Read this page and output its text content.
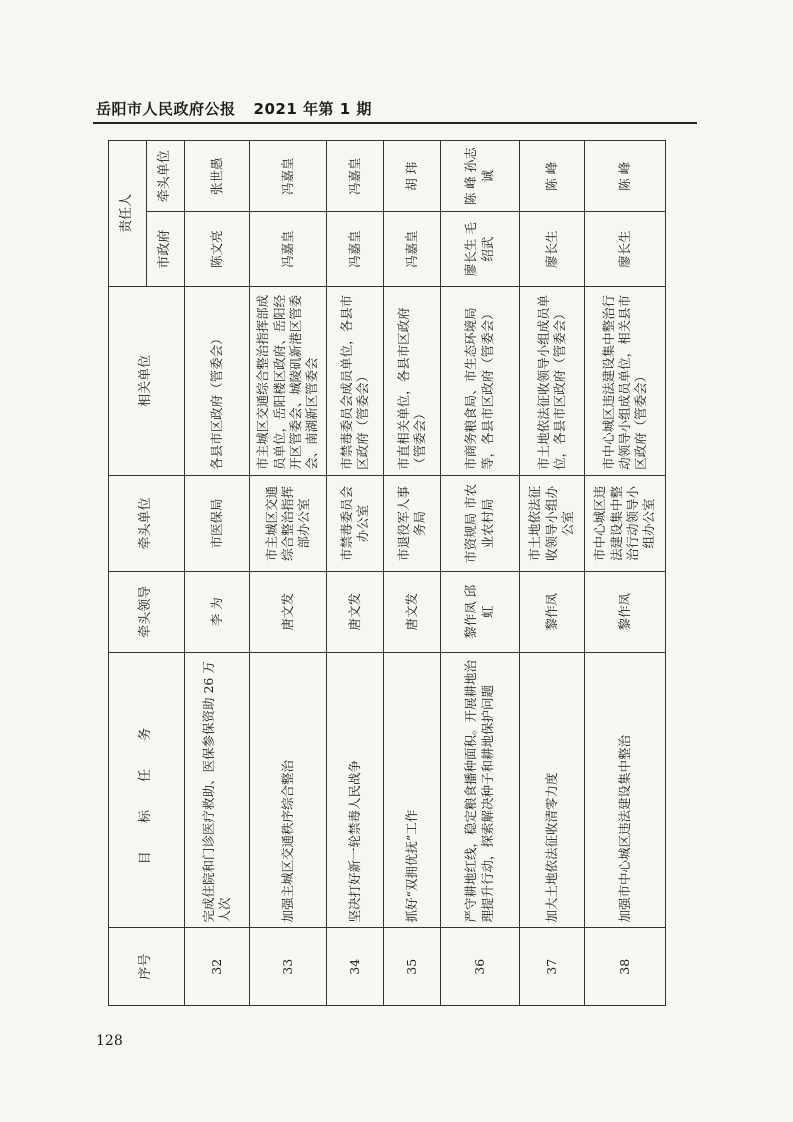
岳阳市人民政府公报 2021 年第 1 期
序号	目 标 任 务	牵头领导	牵头单位	相关单位	责任人	
					市政府	牵头单位
32	完成住院和门诊医疗救助、医保参保资助 26 万人次	李 为	市医保局	各县市区政府（管委会）	陈文亮	张世愚
33	加强主城区交通秩序综合整治	唐文发	市主城区交通综合整治指挥部办公室	市主城区交通综合整治指挥部成员单位，岳阳楼区政府、岳阳经开区管委会、城陵矶新港区管委会、南湖新区管委会	冯嘉皇	冯嘉皇
34	坚决打好新一轮禁毒人民战争	唐文发	市禁毒委员会办公室	市禁毒委员会成员单位，各县市区政府（管委会）	冯嘉皇	冯嘉皇
35	抓好“双拥优抚”工作	唐文发	市退役军人事务局	市直相关单位，各县市区政府（管委会）	冯嘉皇	胡 玮
36	严守耕地红线，稳定粮食播种面积。开展耕地治理提升行动，探索解决种子和耕地保护问题	黎作凤 邱 虹	市资规局 市农业农村局	市商务粮食局、市生态环境局等，各县市区政府（管委会）	廖长生 毛绍武	陈 峰 孙志诚
37	加大土地依法征收清零力度	黎作凤	市土地依法征收领导小组办公室	市土地依法征收领导小组成员单位，各县市区政府（管委会）	廖长生	陈 峰
38	加强市中心城区违法建设集中整治	黎作凤	市中心城区违法建设集中整治行动领导小组办公室	市中心城区违法建设集中整治行动领导小组成员单位，相关县市区政府（管委会）	廖长生	陈 峰
128
